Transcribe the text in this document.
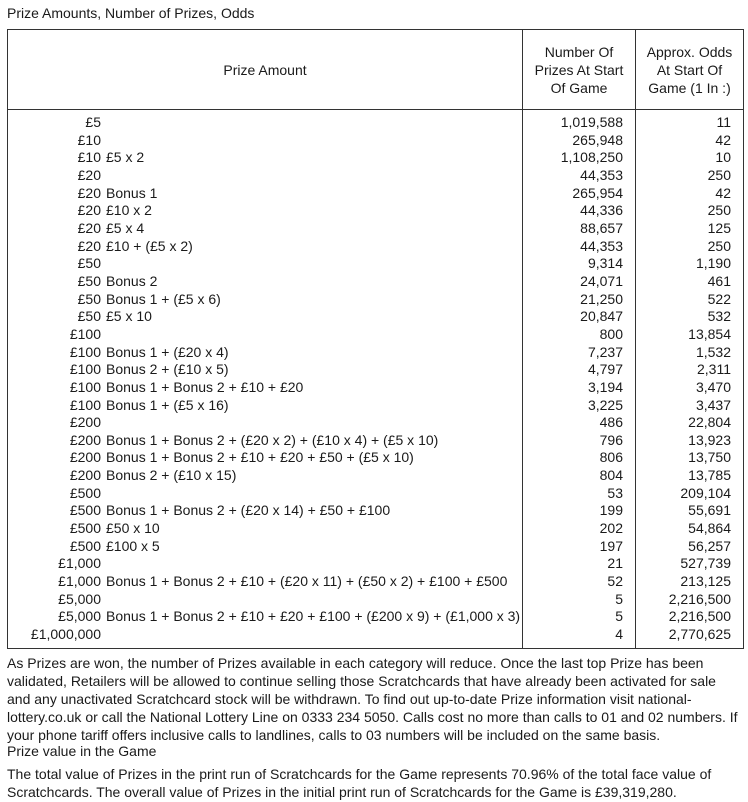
Prize Amounts, Number of Prizes, Odds
Prize Amount	Number Of Prizes At Start Of Game	Approx. Odds At Start Of Game (1 In :)

£5	1,019,588	11
£10	265,948	42
£10 £5 x 2	1,108,250	10
£20	44,353	250
£20 Bonus 1	265,954	42
£20 £10 x 2	44,336	250
£20 £5 x 4	88,657	125
£20 £10 + (£5 x 2)	44,353	250
£50	9,314	1,190
£50 Bonus 2	24,071	461
£50 Bonus 1 + (£5 x 6)	21,250	522
£50 £5 x 10	20,847	532
£100	800	13,854
£100 Bonus 1 + (£20 x 4)	7,237	1,532
£100 Bonus 2 + (£10 x 5)	4,797	2,311
£100 Bonus 1 + Bonus 2 + £10 + £20	3,194	3,470
£100 Bonus 1 + (£5 x 16)	3,225	3,437
£200	486	22,804
£200 Bonus 1 + Bonus 2 + (£20 x 2) + (£10 x 4) + (£5 x 10)	796	13,923
£200 Bonus 1 + Bonus 2 + £10 + £20 + £50 + (£5 x 10)	806	13,750
£200 Bonus 2 + (£10 x 15)	804	13,785
£500	53	209,104
£500 Bonus 1 + Bonus 2 + (£20 x 14) + £50 + £100	199	55,691
£500 £50 x 10	202	54,864
£500 £100 x 5	197	56,257
£1,000	21	527,739
£1,000 Bonus 1 + Bonus 2 + £10 + (£20 x 11) + (£50 x 2) + £100 + £500	52	213,125
£5,000	5	2,216,500
£5,000 Bonus 1 + Bonus 2 + £10 + £20 + £100 + (£200 x 9) + (£1,000 x 3)	5	2,216,500
£1,000,000	4	2,770,625

As Prizes are won, the number of Prizes available in each category will reduce. Once the last top Prize has been validated, Retailers will be allowed to continue selling those Scratchcards that have already been activated for sale and any unactivated Scratchcard stock will be withdrawn. To find out up-to-date Prize information visit national-lottery.co.uk or call the National Lottery Line on 0333 234 5050. Calls cost no more than calls to 01 and 02 numbers. If your phone tariff offers inclusive calls to landlines, calls to 03 numbers will be included on the same basis.
Prize value in the Game
The total value of Prizes in the print run of Scratchcards for the Game represents 70.96% of the total face value of Scratchcards. The overall value of Prizes in the initial print run of Scratchcards for the Game is £39,319,280.
